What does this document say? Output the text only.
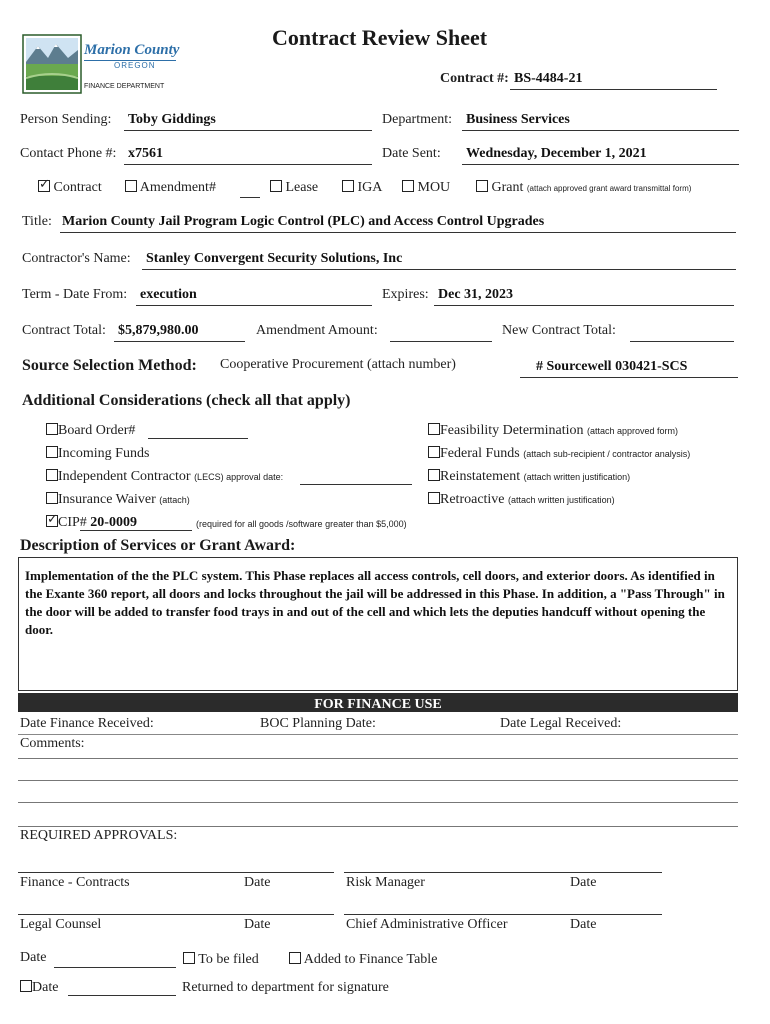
Marion County
OREGON
FINANCE DEPARTMENT
Contract Review Sheet
Contract #: BS-4484-21
Person Sending: Toby Giddings	Department: Business Services
Contact Phone #: x7561	Date Sent: Wednesday, December 1, 2021
✓ Contract	Amendment#	Lease	IGA	MOU	Grant (attach approved grant award transmittal form)
Title: Marion County Jail Program Logic Control (PLC) and Access Control Upgrades
Contractor's Name: Stanley Convergent Security Solutions, Inc
Term - Date From: execution	Expires: Dec 31, 2023
Contract Total: $5,879,980.00	Amendment Amount:	New Contract Total:
Source Selection Method: Cooperative Procurement (attach number)	# Sourcewell 030421-SCS
Additional Considerations (check all that apply)
Board Order#
Incoming Funds
Independent Contractor (LECS) approval date:
Insurance Waiver (attach)
✓CIP# 20-0009	(required for all goods /software greater than $5,000)
Feasibility Determination (attach approved form)
Federal Funds (attach sub-recipient / contractor analysis)
Reinstatement (attach written justification)
Retroactive (attach written justification)
Description of Services or Grant Award:
Implementation of the the PLC system. This Phase replaces all access controls, cell doors, and exterior doors. As identified in the Exante 360 report, all doors and locks throughout the jail will be addressed in this Phase. In addition, a "Pass Through" in the door will be added to transfer food trays in and out of the cell and which lets the deputies handcuff without opening the door.
FOR FINANCE USE
Date Finance Received:	BOC Planning Date:	Date Legal Received:
Comments:
REQUIRED APPROVALS:
Finance - Contracts	Date	Risk Manager	Date
Legal Counsel	Date	Chief Administrative Officer	Date
Date	To be filed	Added to Finance Table
Date	Returned to department for signature
